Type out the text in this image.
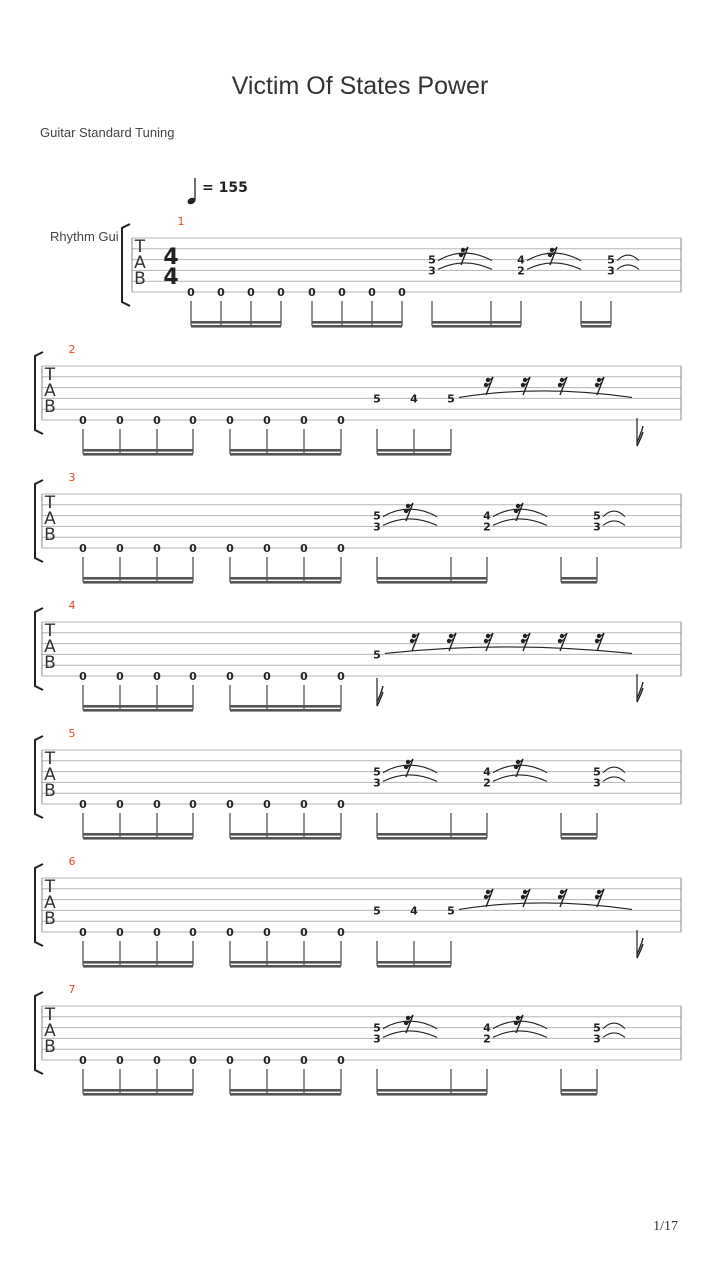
Victim Of States Power
Guitar Standard Tuning
= 155
Rhythm Gui
T
A
B
4
4
1
0 0 0 0 0 0 0 0
5
3
4
2
5
3
T
A
B
2
0	0	0	0	0	0	0	0
5	4	5
T
A
B
3
0	0	0	0	0	0	0	0
5
3
4
2
5
3
T
A
B
4
0	0	0	0	0	0	0	0
5
T
A
B
5
0	0	0	0	0	0	0	0
5
3
4
2
5
3
T
A
B
6
0	0	0	0	0	0	0	0
5	4	5
T
A
B
7
0	0	0	0	0	0	0	0
5
3
4
2
5
3
1/17
